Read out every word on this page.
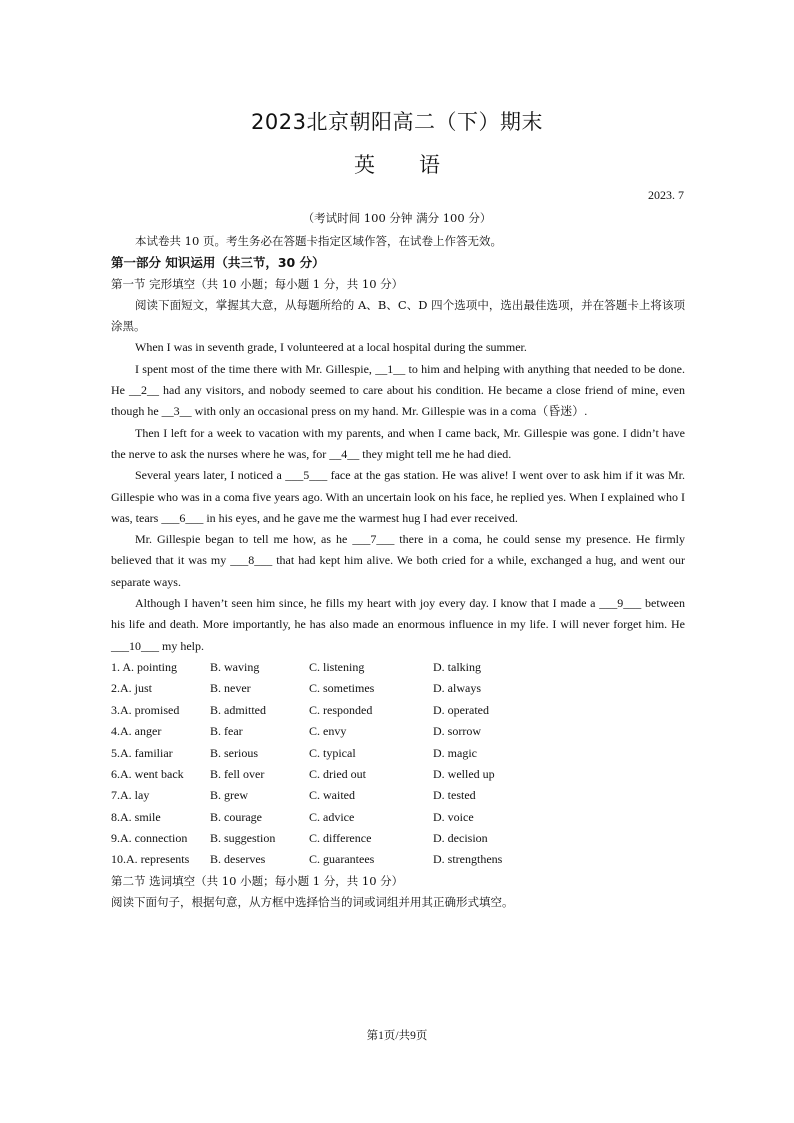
2023北京朝阳高二（下）期末
英 语
2023. 7
（考试时间 100 分钟 满分 100 分）

本试卷共 10 页。考生务必在答题卡指定区域作答，在试卷上作答无效。

第一部分 知识运用（共三节，30 分）

第一节 完形填空（共 10 小题；每小题 1 分，共 10 分）

阅读下面短文，掌握其大意，从每题所给的 A、B、C、D 四个选项中，选出最佳选项，并在答题卡上将该项涂黑。

When I was in seventh grade, I volunteered at a local hospital during the summer.

I spent most of the time there with Mr. Gillespie, __1__ to him and helping with anything that needed to be done. He __2__ had any visitors, and nobody seemed to care about his condition. He became a close friend of mine, even though he __3__ with only an occasional press on my hand. Mr. Gillespie was in a coma（昏迷）.

Then I left for a week to vacation with my parents, and when I came back, Mr. Gillespie was gone. I didn’t have the nerve to ask the nurses where he was, for __4__ they might tell me he had died.

Several years later, I noticed a ___5___ face at the gas station. He was alive! I went over to ask him if it was Mr. Gillespie who was in a coma five years ago. With an uncertain look on his face, he replied yes. When I explained who I was, tears ___6___ in his eyes, and he gave me the warmest hug I had ever received.

Mr. Gillespie began to tell me how, as he ___7___ there in a coma, he could sense my presence. He firmly believed that it was my ___8___ that had kept him alive. We both cried for a while, exchanged a hug, and went our separate ways.

Although I haven’t seen him since, he fills my heart with joy every day. I know that I made a ___9___ between his life and death. More importantly, he has also made an enormous influence in my life. I will never forget him. He ___10___ my help.

1. A. pointing	B. waving	C. listening	D. talking
2.A. just	B. never	C. sometimes	D. always
3.A. promised	B. admitted	C. responded	D. operated
4.A. anger	B. fear	C. envy	D. sorrow
5.A. familiar	B. serious	C. typical	D. magic
6.A. went back	B. fell over	C. dried out	D. welled up
7.A. lay	B. grew	C. waited	D. tested
8.A. smile	B. courage	C. advice	D. voice
9.A. connection	B. suggestion	C. difference	D. decision
10.A. represents	B. deserves	C. guarantees	D. strengthens

第二节 选词填空（共 10 小题；每小题 1 分，共 10 分）

阅读下面句子，根据句意，从方框中选择恰当的词或词组并用其正确形式填空。

第1页/共9页
